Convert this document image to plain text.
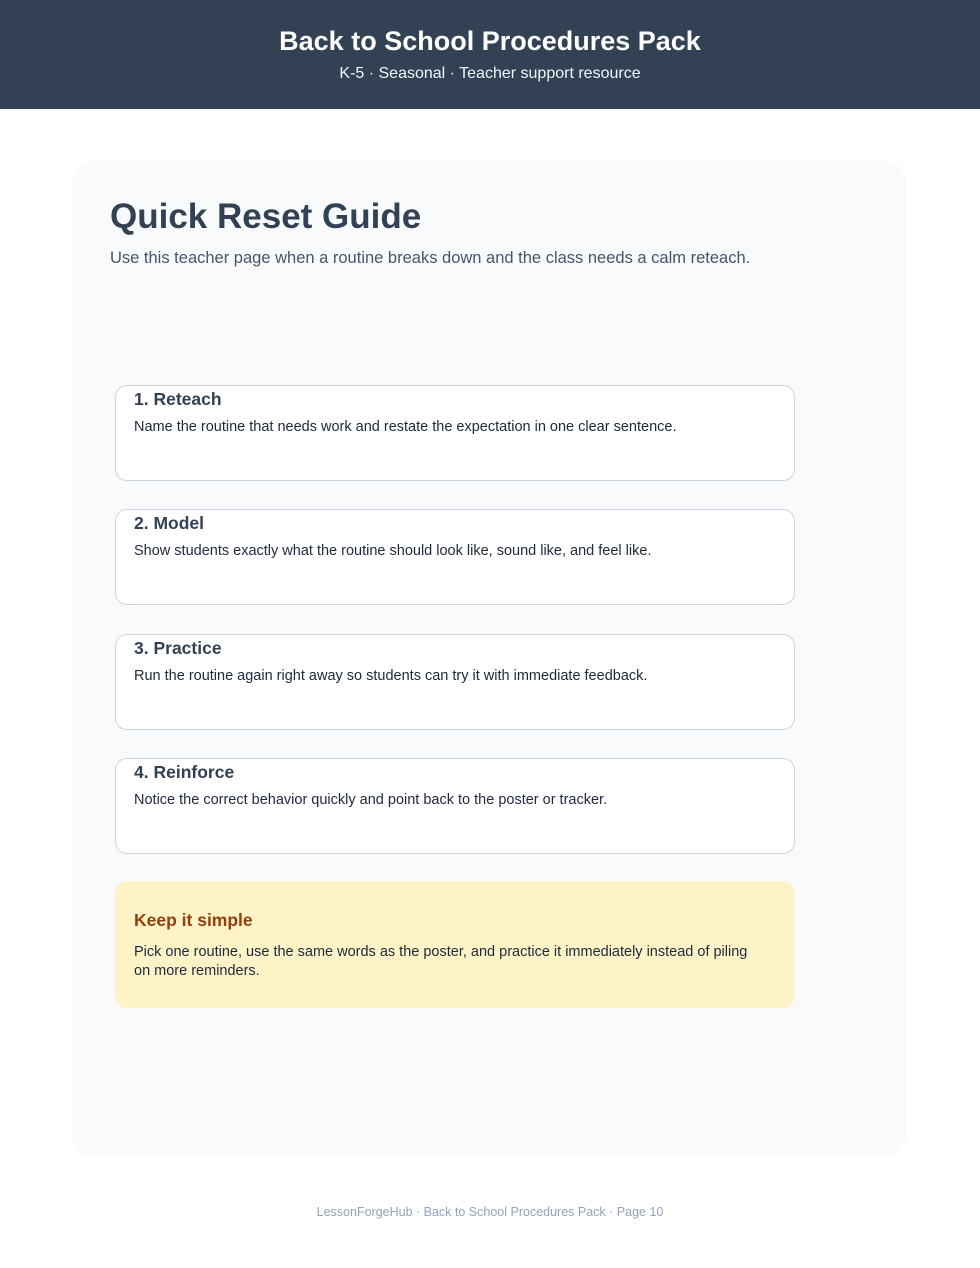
Back to School Procedures Pack
K-5 · Seasonal · Teacher support resource
Quick Reset Guide

Use this teacher page when a routine breaks down and the class needs a calm reteach.

1. Reteach
Name the routine that needs work and restate the expectation in one clear sentence.
2. Model
Show students exactly what the routine should look like, sound like, and feel like.
3. Practice
Run the routine again right away so students can try it with immediate feedback.
4. Reinforce
Notice the correct behavior quickly and point back to the poster or tracker.
Keep it simple
Pick one routine, use the same words as the poster, and practice it immediately instead of piling on more reminders.
LessonForgeHub · Back to School Procedures Pack · Page 10
